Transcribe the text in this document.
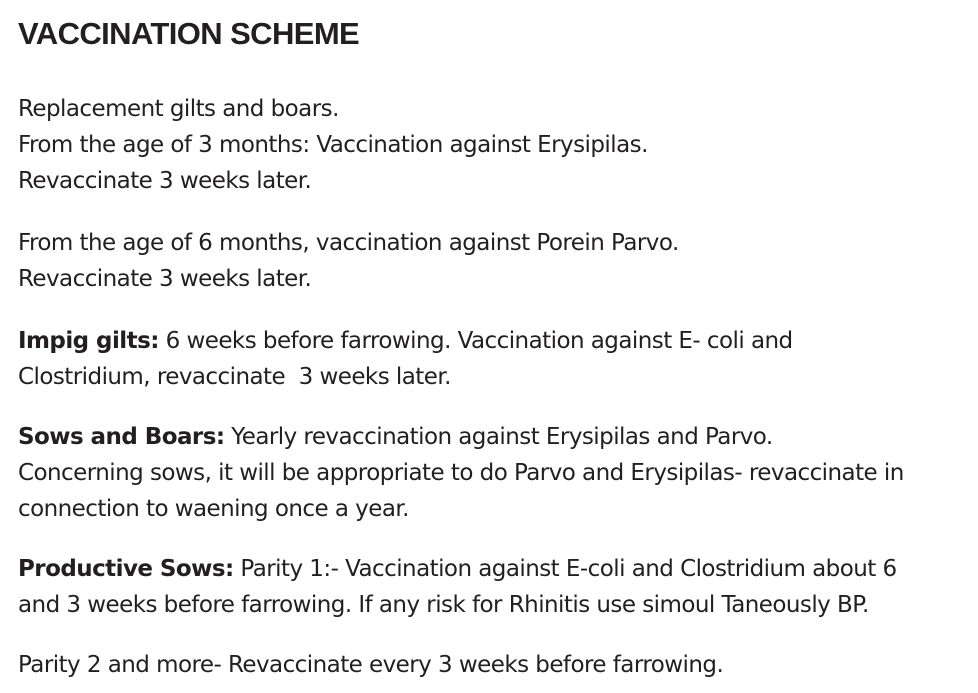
VACCINATION SCHEME

Replacement gilts and boars.
From the age of 3 months: Vaccination against Erysipilas.
Revaccinate 3 weeks later.

From the age of 6 months, vaccination against Porein Parvo.
Revaccinate 3 weeks later.

Impig gilts: 6 weeks before farrowing. Vaccination against E- coli and
Clostridium, revaccinate  3 weeks later.

Sows and Boars: Yearly revaccination against Erysipilas and Parvo.
Concerning sows, it will be appropriate to do Parvo and Erysipilas- revaccinate in
connection to waening once a year.

Productive Sows: Parity 1:- Vaccination against E-coli and Clostridium about 6
and 3 weeks before farrowing. If any risk for Rhinitis use simoul Taneously BP.

Parity 2 and more- Revaccinate every 3 weeks before farrowing.
